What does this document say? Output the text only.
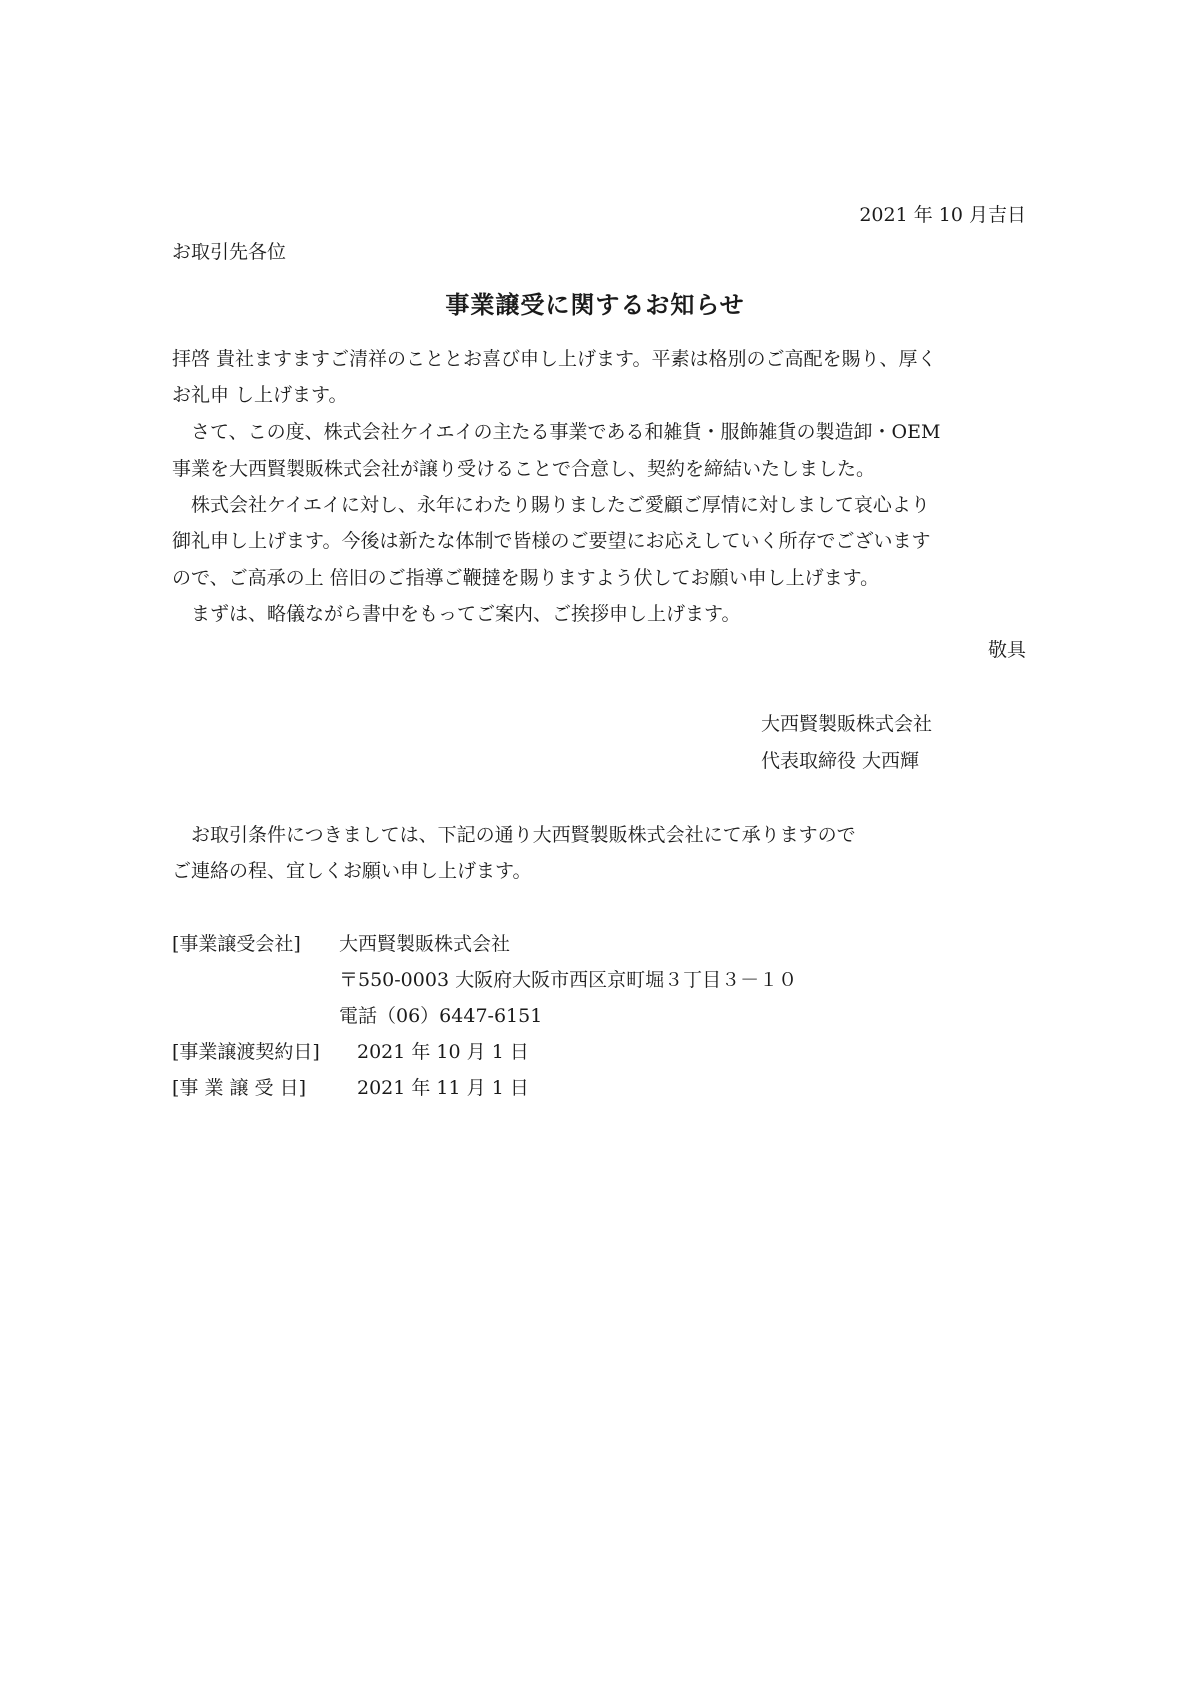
2021 年 10 月吉日
お取引先各位
事業譲受に関するお知らせ
拝啓 貴社ますますご清祥のこととお喜び申し上げます。平素は格別のご高配を賜り、厚く
お礼申 し上げます。
さて、この度、株式会社ケイエイの主たる事業である和雑貨・服飾雑貨の製造卸・OEM
事業を大西賢製販株式会社が譲り受けることで合意し、契約を締結いたしました。
株式会社ケイエイに対し、永年にわたり賜りましたご愛顧ご厚情に対しまして哀心より
御礼申し上げます。今後は新たな体制で皆様のご要望にお応えしていく所存でございます
ので、ご高承の上 倍旧のご指導ご鞭撻を賜りますよう伏してお願い申し上げます。
まずは、略儀ながら書中をもってご案内、ご挨拶申し上げます。
敬具
大西賢製販株式会社
代表取締役 大西輝
お取引条件につきましては、下記の通り大西賢製販株式会社にて承りますので
ご連絡の程、宜しくお願い申し上げます。
[事業譲受会社] 大西賢製販株式会社
〒550-0003 大阪府大阪市西区京町堀３丁目３－１０
電話（06）6447-6151
[事業譲渡契約日] 2021 年 10 月 1 日
[事 業 譲 受 日]	2021 年 11 月 1 日
